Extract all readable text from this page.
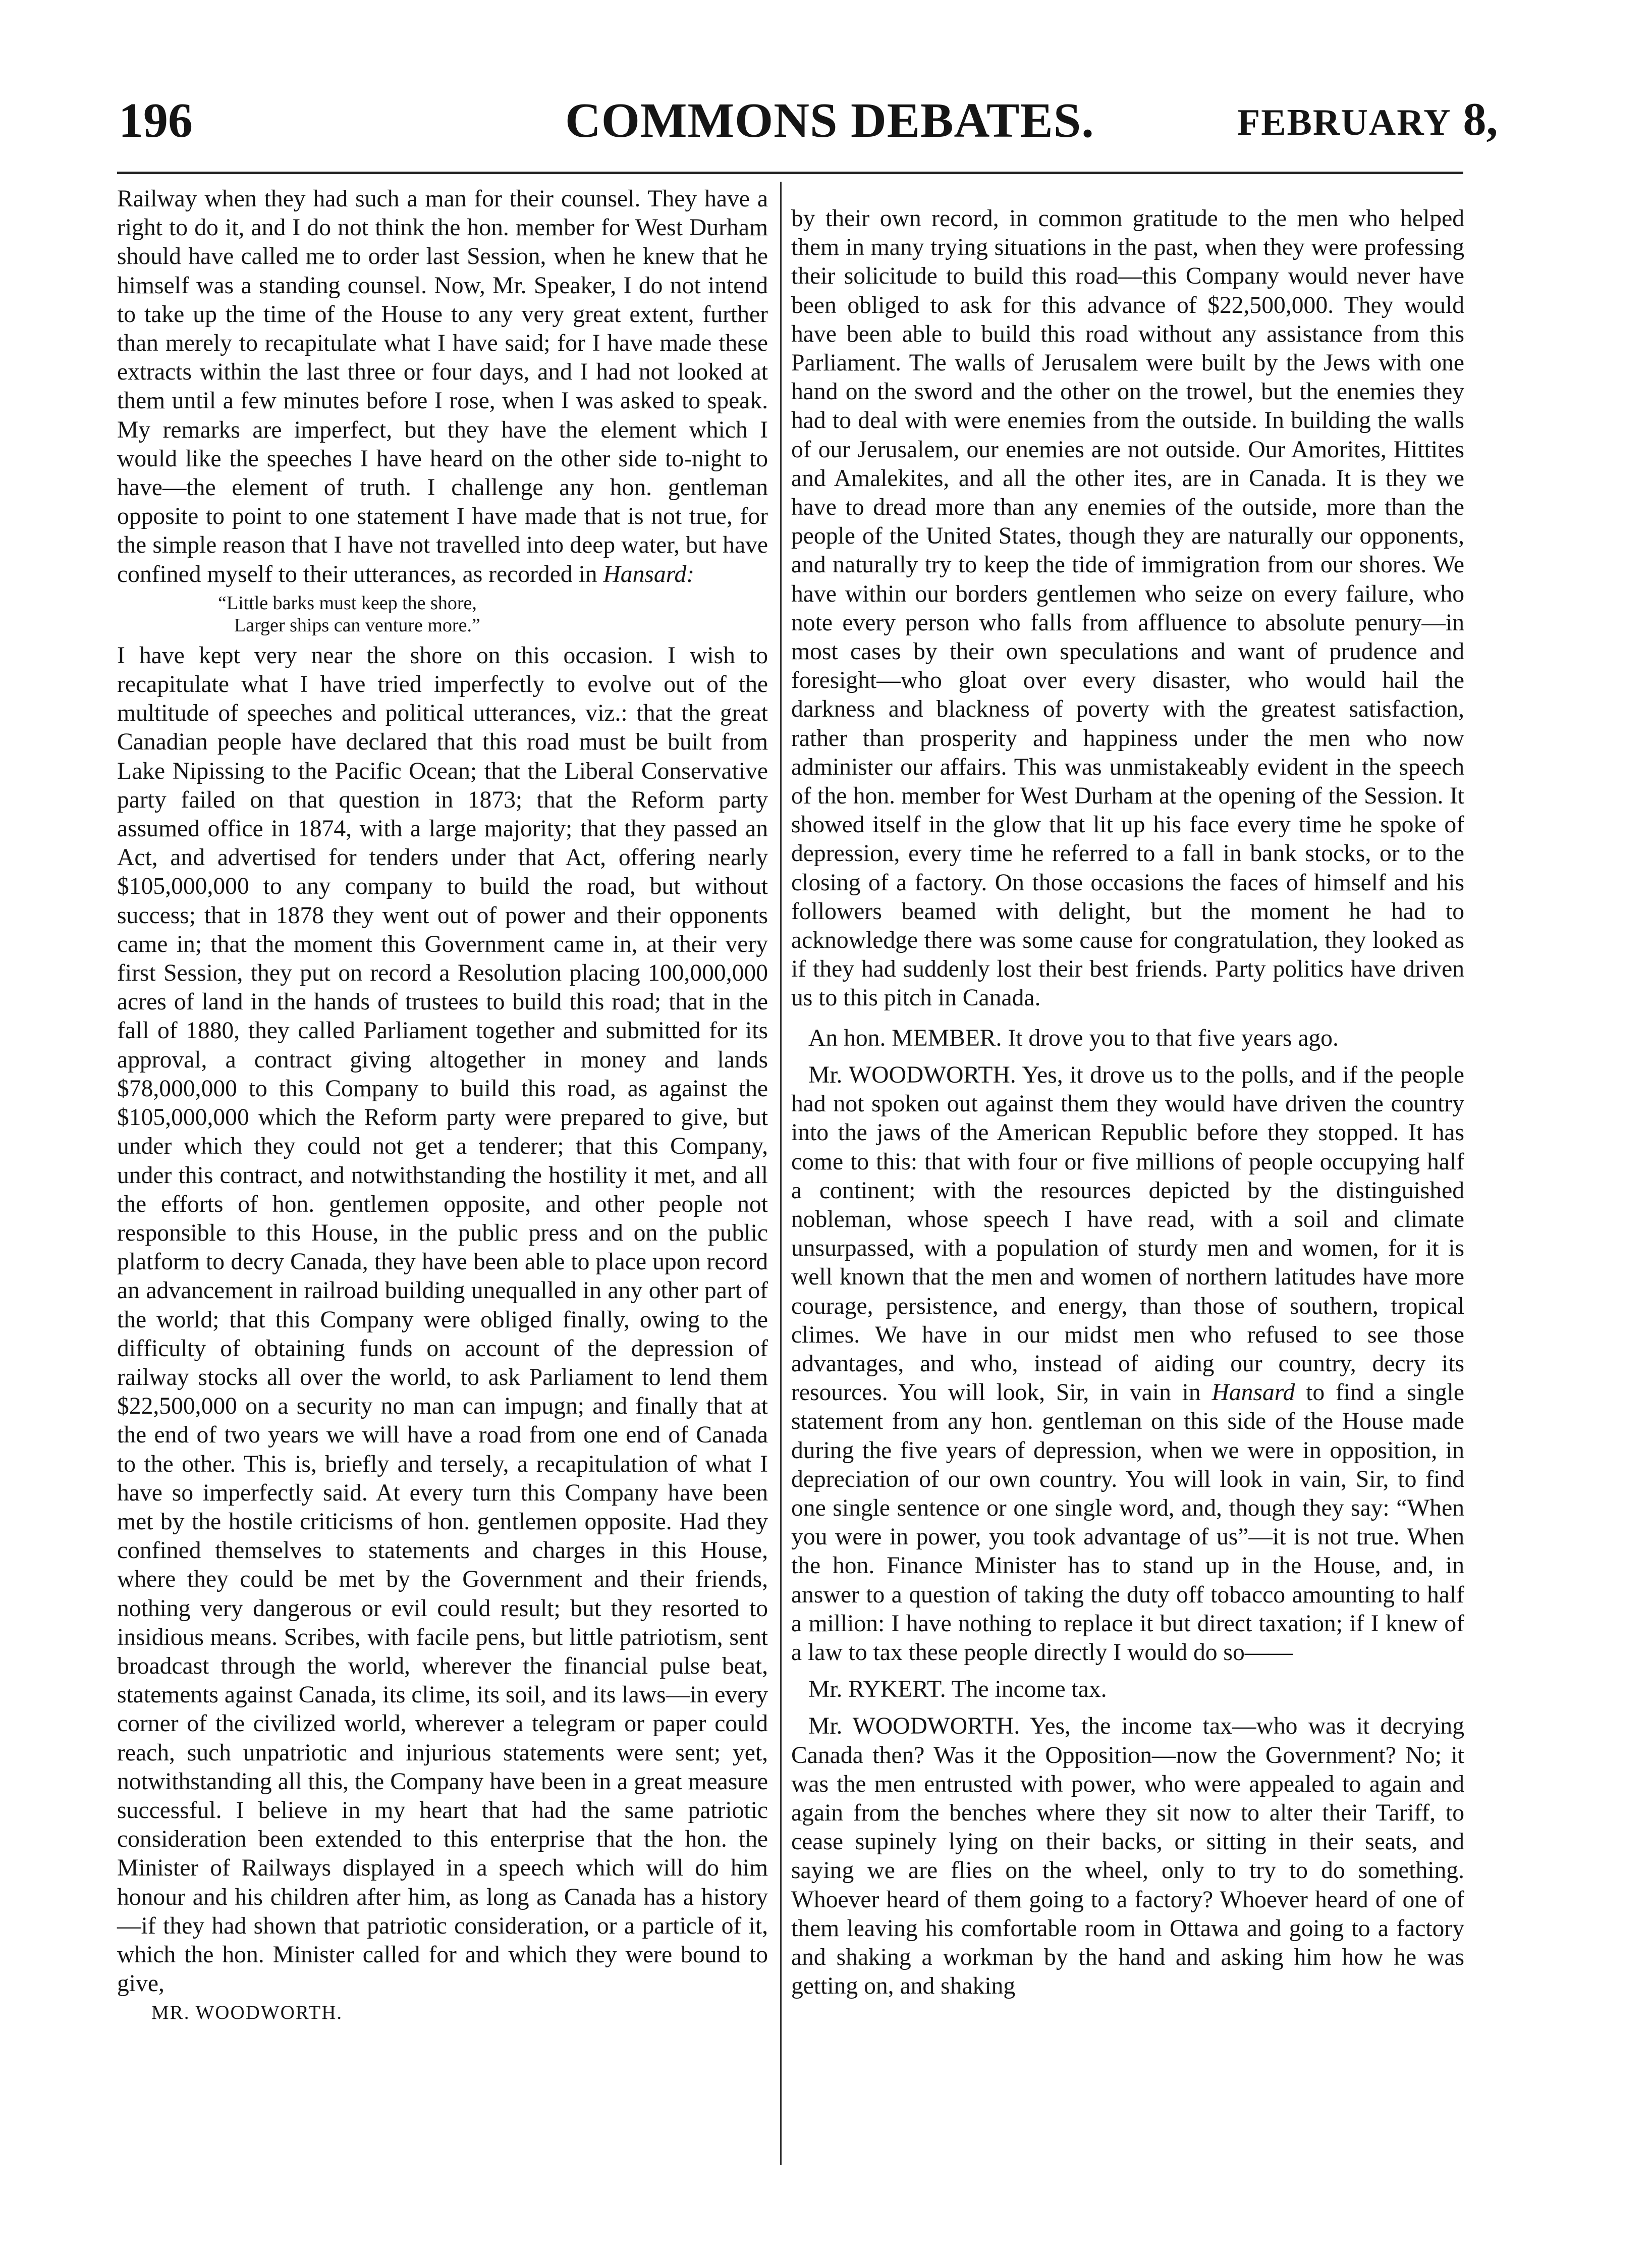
196	COMMONS DEBATES.	FEBRUARY 8,

Railway when they had such a man for their counsel. They have a right to do it, and I do not think the hon. member for West Durham should have called me to order last Session, when he knew that he himself was a standing counsel. Now, Mr. Speaker, I do not intend to take up the time of the House to any very great extent, further than merely to recapitulate what I have said; for I have made these extracts within the last three or four days, and I had not looked at them until a few minutes before I rose, when I was asked to speak. My remarks are imperfect, but they have the element which I would like the speeches I have heard on the other side to-night to have—the element of truth. I challenge any hon. gentleman opposite to point to one statement I have made that is not true, for the simple reason that I have not travelled into deep water, but have confined myself to their utterances, as recorded in Hansard:

“Little barks must keep the shore,
Larger ships can venture more.”

I have kept very near the shore on this occasion. I wish to recapitulate what I have tried imperfectly to evolve out of the multitude of speeches and political utterances, viz.: that the great Canadian people have declared that this road must be built from Lake Nipissing to the Pacific Ocean; that the Liberal Conservative party failed on that question in 1873; that the Reform party assumed office in 1874, with a large majority; that they passed an Act, and advertised for tenders under that Act, offering nearly $105,000,000 to any company to build the road, but without success; that in 1878 they went out of power and their opponents came in; that the moment this Government came in, at their very first Session, they put on record a Resolution placing 100,000,000 acres of land in the hands of trustees to build this road; that in the fall of 1880, they called Parliament together and submitted for its approval, a contract giving altogether in money and lands $78,000,000 to this Company to build this road, as against the $105,000,000 which the Reform party were prepared to give, but under which they could not get a tenderer; that this Company, under this contract, and notwithstanding the hostility it met, and all the efforts of hon. gentlemen opposite, and other people not responsible to this House, in the public press and on the public platform to decry Canada, they have been able to place upon record an advancement in railroad building unequalled in any other part of the world; that this Company were obliged finally, owing to the difficulty of obtaining funds on account of the depression of railway stocks all over the world, to ask Parliament to lend them $22,500,000 on a security no man can impugn; and finally that at the end of two years we will have a road from one end of Canada to the other. This is, briefly and tersely, a recapitulation of what I have so imperfectly said. At every turn this Company have been met by the hostile criticisms of hon. gentlemen opposite. Had they confined themselves to statements and charges in this House, where they could be met by the Government and their friends, nothing very dangerous or evil could result; but they resorted to insidious means. Scribes, with facile pens, but little patriotism, sent broadcast through the world, wherever the financial pulse beat, statements against Canada, its clime, its soil, and its laws—in every corner of the civilized world, wherever a telegram or paper could reach, such unpatriotic and injurious statements were sent; yet, notwithstanding all this, the Company have been in a great measure successful. I believe in my heart that had the same patriotic consideration been extended to this enterprise that the hon. the Minister of Railways displayed in a speech which will do him honour and his children after him, as long as Canada has a history—if they had shown that patriotic consideration, or a particle of it, which the hon. Minister called for and which they were bound to give,

MR. WOODWORTH.

by their own record, in common gratitude to the men who helped them in many trying situations in the past, when they were professing their solicitude to build this road—this Company would never have been obliged to ask for this advance of $22,500,000. They would have been able to build this road without any assistance from this Parliament. The walls of Jerusalem were built by the Jews with one hand on the sword and the other on the trowel, but the enemies they had to deal with were enemies from the outside. In building the walls of our Jerusalem, our enemies are not outside. Our Amorites, Hittites and Amalekites, and all the other ites, are in Canada. It is they we have to dread more than any enemies of the outside, more than the people of the United States, though they are naturally our opponents, and naturally try to keep the tide of immigration from our shores. We have within our borders gentlemen who seize on every failure, who note every person who falls from affluence to absolute penury—in most cases by their own speculations and want of prudence and foresight—who gloat over every disaster, who would hail the darkness and blackness of poverty with the greatest satisfaction, rather than prosperity and happiness under the men who now administer our affairs. This was unmistakeably evident in the speech of the hon. member for West Durham at the opening of the Session. It showed itself in the glow that lit up his face every time he spoke of depression, every time he referred to a fall in bank stocks, or to the closing of a factory. On those occasions the faces of himself and his followers beamed with delight, but the moment he had to acknowledge there was some cause for congratulation, they looked as if they had suddenly lost their best friends. Party politics have driven us to this pitch in Canada.

An hon. MEMBER. It drove you to that five years ago.

Mr. WOODWORTH. Yes, it drove us to the polls, and if the people had not spoken out against them they would have driven the country into the jaws of the American Republic before they stopped. It has come to this: that with four or five millions of people occupying half a continent; with the resources depicted by the distinguished nobleman, whose speech I have read, with a soil and climate unsurpassed, with a population of sturdy men and women, for it is well known that the men and women of northern latitudes have more courage, persistence, and energy, than those of southern, tropical climes. We have in our midst men who refused to see those advantages, and who, instead of aiding our country, decry its resources. You will look, Sir, in vain in Hansard to find a single statement from any hon. gentleman on this side of the House made during the five years of depression, when we were in opposition, in depreciation of our own country. You will look in vain, Sir, to find one single sentence or one single word, and, though they say: “When you were in power, you took advantage of us”—it is not true. When the hon. Finance Minister has to stand up in the House, and, in answer to a question of taking the duty off tobacco amounting to half a million: I have nothing to replace it but direct taxation; if I knew of a law to tax these people directly I would do so——

Mr. RYKERT. The income tax.

Mr. WOODWORTH. Yes, the income tax—who was it decrying Canada then? Was it the Opposition—now the Government? No; it was the men entrusted with power, who were appealed to again and again from the benches where they sit now to alter their Tariff, to cease supinely lying on their backs, or sitting in their seats, and saying we are flies on the wheel, only to try to do something. Whoever heard of them going to a factory? Whoever heard of one of them leaving his comfortable room in Ottawa and going to a factory and shaking a workman by the hand and asking him how he was getting on, and shaking
